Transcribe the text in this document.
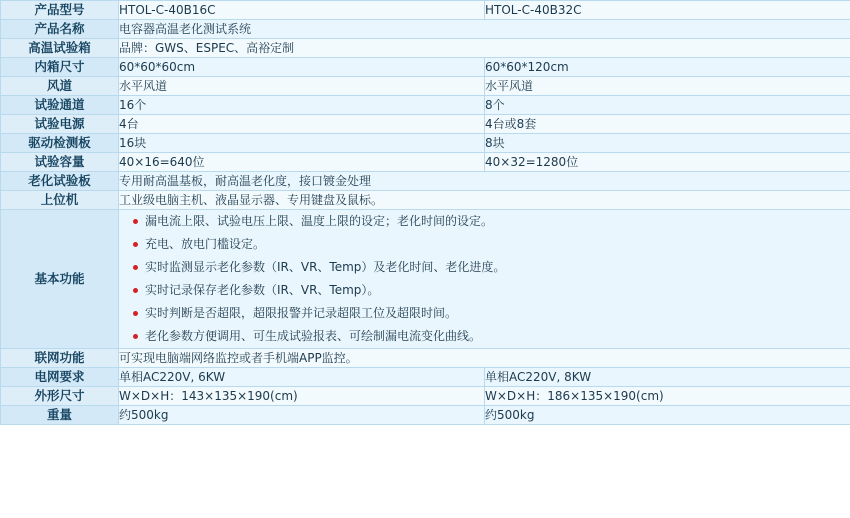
产品型号	HTOL-C-40B16C	HTOL-C-40B32C
产品名称	电容器高温老化测试系统	
高温试验箱	品牌：GWS、ESPEC、高裕定制	
内箱尺寸	60*60*60cm	60*60*120cm
风道	水平风道	水平风道
试验通道	16个	8个
试验电源	4台	4台或8套
驱动检测板	16块	8块
试验容量	40×16=640位	40×32=1280位
老化试验板	专用耐高温基板，耐高温老化度，接口镀金处理	
上位机	工业级电脑主机、液晶显示器、专用键盘及鼠标。	
基本功能	
漏电流上限、试验电压上限、温度上限的设定；老化时间的设定。
充电、放电门槛设定。
实时监测显示老化参数（IR、VR、Temp）及老化时间、老化进度。
实时记录保存老化参数（IR、VR、Temp）。
实时判断是否超限，超限报警并记录超限工位及超限时间。
老化参数方便调用、可生成试验报表、可绘制漏电流变化曲线。

联网功能	可实现电脑端网络监控或者手机端APP监控。	
电网要求	单相AC220V, 6KW	单相AC220V, 8KW
外形尺寸	W×D×H：143×135×190(cm)	W×D×H：186×135×190(cm)
重量	约500kg	约500kg
